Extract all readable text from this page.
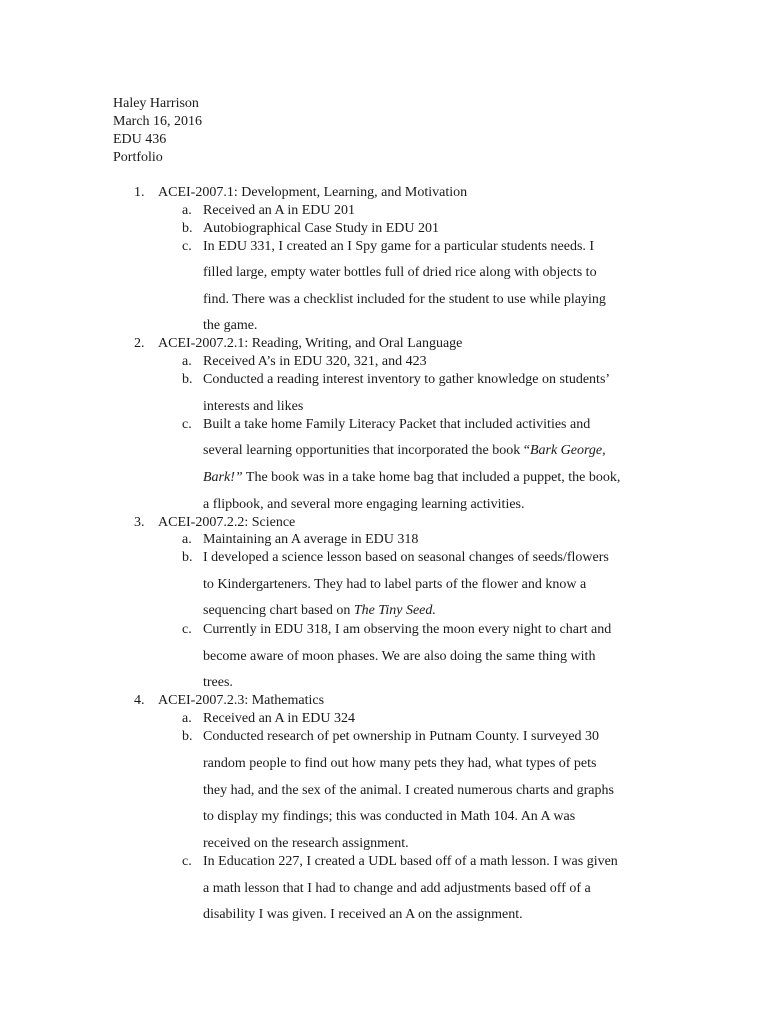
Haley Harrison
March 16, 2016
EDU 436
Portfolio
1. ACEI-2007.1: Development, Learning, and Motivation
a. Received an A in EDU 201
b. Autobiographical Case Study in EDU 201
c. In EDU 331, I created an I Spy game for a particular students needs. I
filled large, empty water bottles full of dried rice along with objects to
find. There was a checklist included for the student to use while playing
the game.
2. ACEI-2007.2.1: Reading, Writing, and Oral Language
a. Received A’s in EDU 320, 321, and 423
b. Conducted a reading interest inventory to gather knowledge on students’
interests and likes
c. Built a take home Family Literacy Packet that included activities and
several learning opportunities that incorporated the book “Bark George,
Bark!” The book was in a take home bag that included a puppet, the book,
a flipbook, and several more engaging learning activities.
3. ACEI-2007.2.2: Science
a. Maintaining an A average in EDU 318
b. I developed a science lesson based on seasonal changes of seeds/flowers
to Kindergarteners. They had to label parts of the flower and know a
sequencing chart based on The Tiny Seed.
c. Currently in EDU 318, I am observing the moon every night to chart and
become aware of moon phases. We are also doing the same thing with
trees.
4. ACEI-2007.2.3: Mathematics
a. Received an A in EDU 324
b. Conducted research of pet ownership in Putnam County. I surveyed 30
random people to find out how many pets they had, what types of pets
they had, and the sex of the animal. I created numerous charts and graphs
to display my findings; this was conducted in Math 104. An A was
received on the research assignment.
c. In Education 227, I created a UDL based off of a math lesson. I was given
a math lesson that I had to change and add adjustments based off of a
disability I was given. I received an A on the assignment.
